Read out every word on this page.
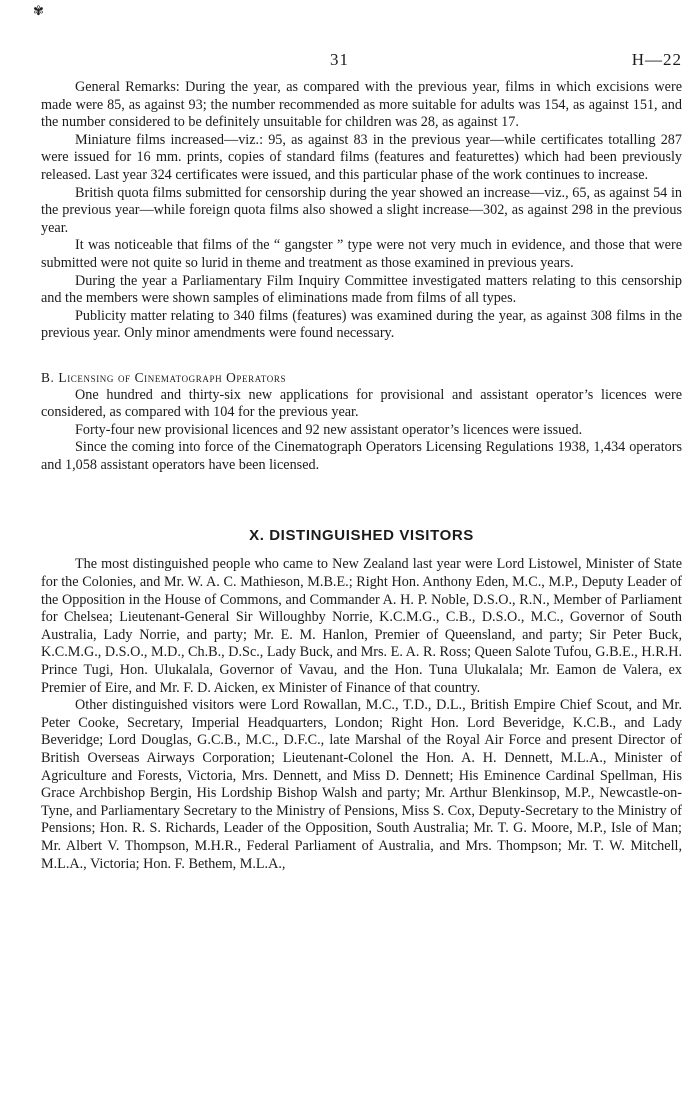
✾
31	H—22

General Remarks: During the year, as compared with the previous year, films in which excisions were made were 85, as against 93; the number recommended as more suitable for adults was 154, as against 151, and the number considered to be definitely unsuitable for children was 28, as against 17.

Miniature films increased—viz.: 95, as against 83 in the previous year—while certificates totalling 287 were issued for 16 mm. prints, copies of standard films (features and featurettes) which had been previously released. Last year 324 certificates were issued, and this particular phase of the work continues to increase.

British quota films submitted for censorship during the year showed an increase—viz., 65, as against 54 in the previous year—while foreign quota films also showed a slight increase—302, as against 298 in the previous year.

It was noticeable that films of the “ gangster ” type were not very much in evidence, and those that were submitted were not quite so lurid in theme and treatment as those examined in previous years.

During the year a Parliamentary Film Inquiry Committee investigated matters relating to this censorship and the members were shown samples of eliminations made from films of all types.

Publicity matter relating to 340 films (features) was examined during the year, as against 308 films in the previous year. Only minor amendments were found necessary.

B. Licensing of Cinematograph Operators

One hundred and thirty-six new applications for provisional and assistant operator’s licences were considered, as compared with 104 for the previous year.

Forty-four new provisional licences and 92 new assistant operator’s licences were issued.

Since the coming into force of the Cinematograph Operators Licensing Regulations 1938, 1,434 operators and 1,058 assistant operators have been licensed.

X. DISTINGUISHED VISITORS

The most distinguished people who came to New Zealand last year were Lord Listowel, Minister of State for the Colonies, and Mr. W. A. C. Mathieson, M.B.E.; Right Hon. Anthony Eden, M.C., M.P., Deputy Leader of the Opposition in the House of Commons, and Commander A. H. P. Noble, D.S.O., R.N., Member of Parliament for Chelsea; Lieutenant-General Sir Willoughby Norrie, K.C.M.G., C.B., D.S.O., M.C., Governor of South Australia, Lady Norrie, and party; Mr. E. M. Hanlon, Premier of Queensland, and party; Sir Peter Buck, K.C.M.G., D.S.O., M.D., Ch.B., D.Sc., Lady Buck, and Mrs. E. A. R. Ross; Queen Salote Tufou, G.B.E., H.R.H. Prince Tugi, Hon. Ulukalala, Governor of Vavau, and the Hon. Tuna Ulukalala; Mr. Eamon de Valera, ex Premier of Eire, and Mr. F. D. Aicken, ex Minister of Finance of that country.

Other distinguished visitors were Lord Rowallan, M.C., T.D., D.L., British Empire Chief Scout, and Mr. Peter Cooke, Secretary, Imperial Headquarters, London; Right Hon. Lord Beveridge, K.C.B., and Lady Beveridge; Lord Douglas, G.C.B., M.C., D.F.C., late Marshal of the Royal Air Force and present Director of British Overseas Airways Corporation; Lieutenant-Colonel the Hon. A. H. Dennett, M.L.A., Minister of Agriculture and Forests, Victoria, Mrs. Dennett, and Miss D. Dennett; His Eminence Cardinal Spellman, His Grace Archbishop Bergin, His Lordship Bishop Walsh and party; Mr. Arthur Blenkinsop, M.P., Newcastle-on-Tyne, and Parliamentary Secretary to the Ministry of Pensions, Miss S. Cox, Deputy-Secretary to the Ministry of Pensions; Hon. R. S. Richards, Leader of the Opposition, South Australia; Mr. T. G. Moore, M.P., Isle of Man; Mr. Albert V. Thompson, M.H.R., Federal Parliament of Australia, and Mrs. Thompson; Mr. T. W. Mitchell, M.L.A., Victoria; Hon. F. Bethem, M.L.A.,
